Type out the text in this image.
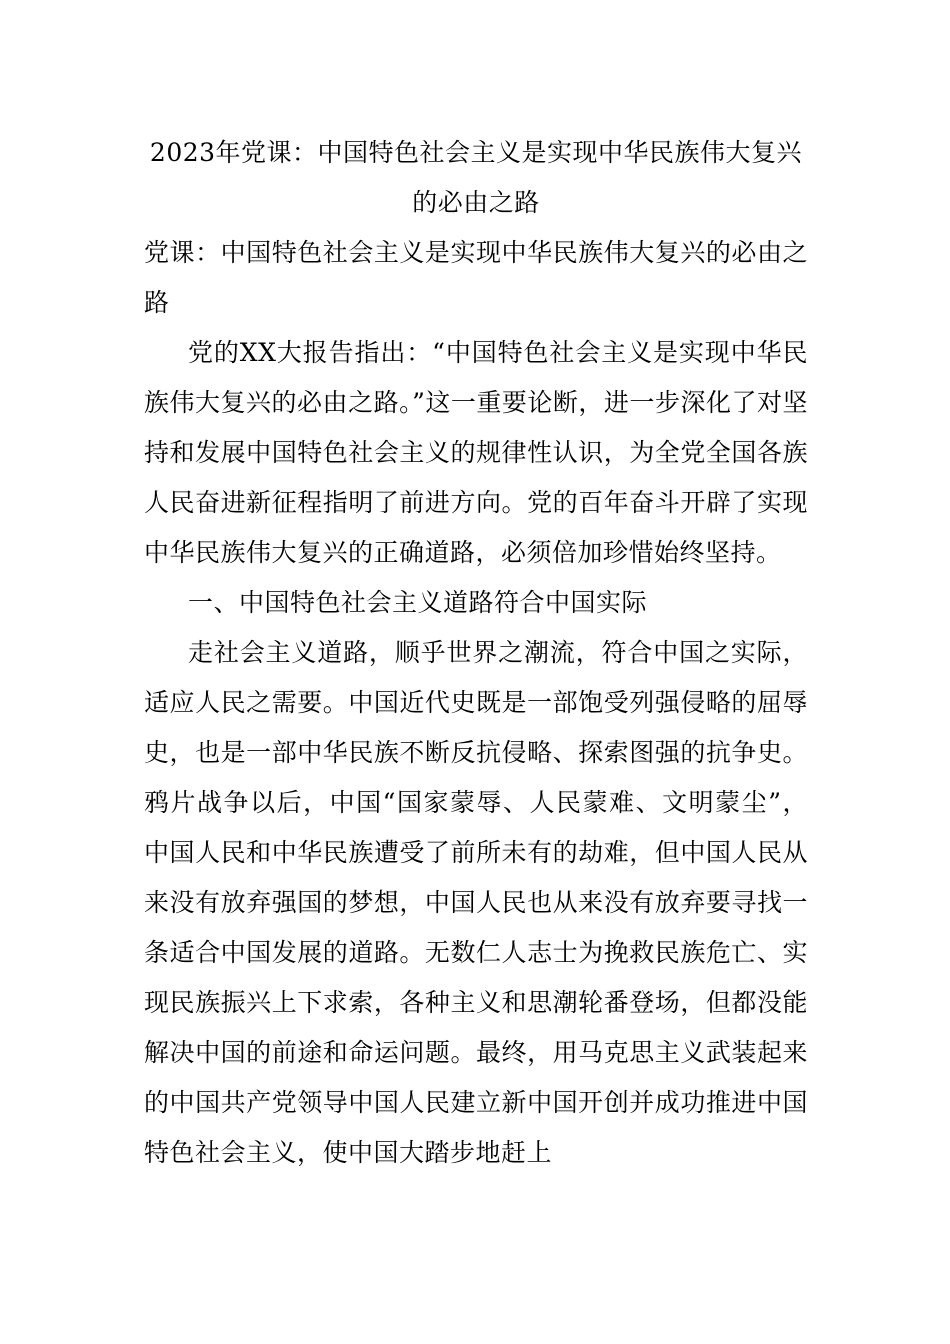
2023年党课：中国特色社会主义是实现中华民族伟大复兴的必由之路

党课：中国特色社会主义是实现中华民族伟大复兴的必由之路

党的XX大报告指出：“中国特色社会主义是实现中华民族伟大复兴的必由之路。”这一重要论断，进一步深化了对坚持和发展中国特色社会主义的规律性认识，为全党全国各族人民奋进新征程指明了前进方向。党的百年奋斗开辟了实现中华民族伟大复兴的正确道路，必须倍加珍惜始终坚持。

一、中国特色社会主义道路符合中国实际

走社会主义道路，顺乎世界之潮流，符合中国之实际，适应人民之需要。中国近代史既是一部饱受列强侵略的屈辱史，也是一部中华民族不断反抗侵略、探索图强的抗争史。鸦片战争以后，中国“国家蒙辱、人民蒙难、文明蒙尘”，中国人民和中华民族遭受了前所未有的劫难，但中国人民从来没有放弃强国的梦想，中国人民也从来没有放弃要寻找一条适合中国发展的道路。无数仁人志士为挽救民族危亡、实现民族振兴上下求索，各种主义和思潮轮番登场，但都没能解决中国的前途和命运问题。最终，用马克思主义武装起来的中国共产党领导中国人民建立新中国开创并成功推进中国特色社会主义，使中国大踏步地赶上
